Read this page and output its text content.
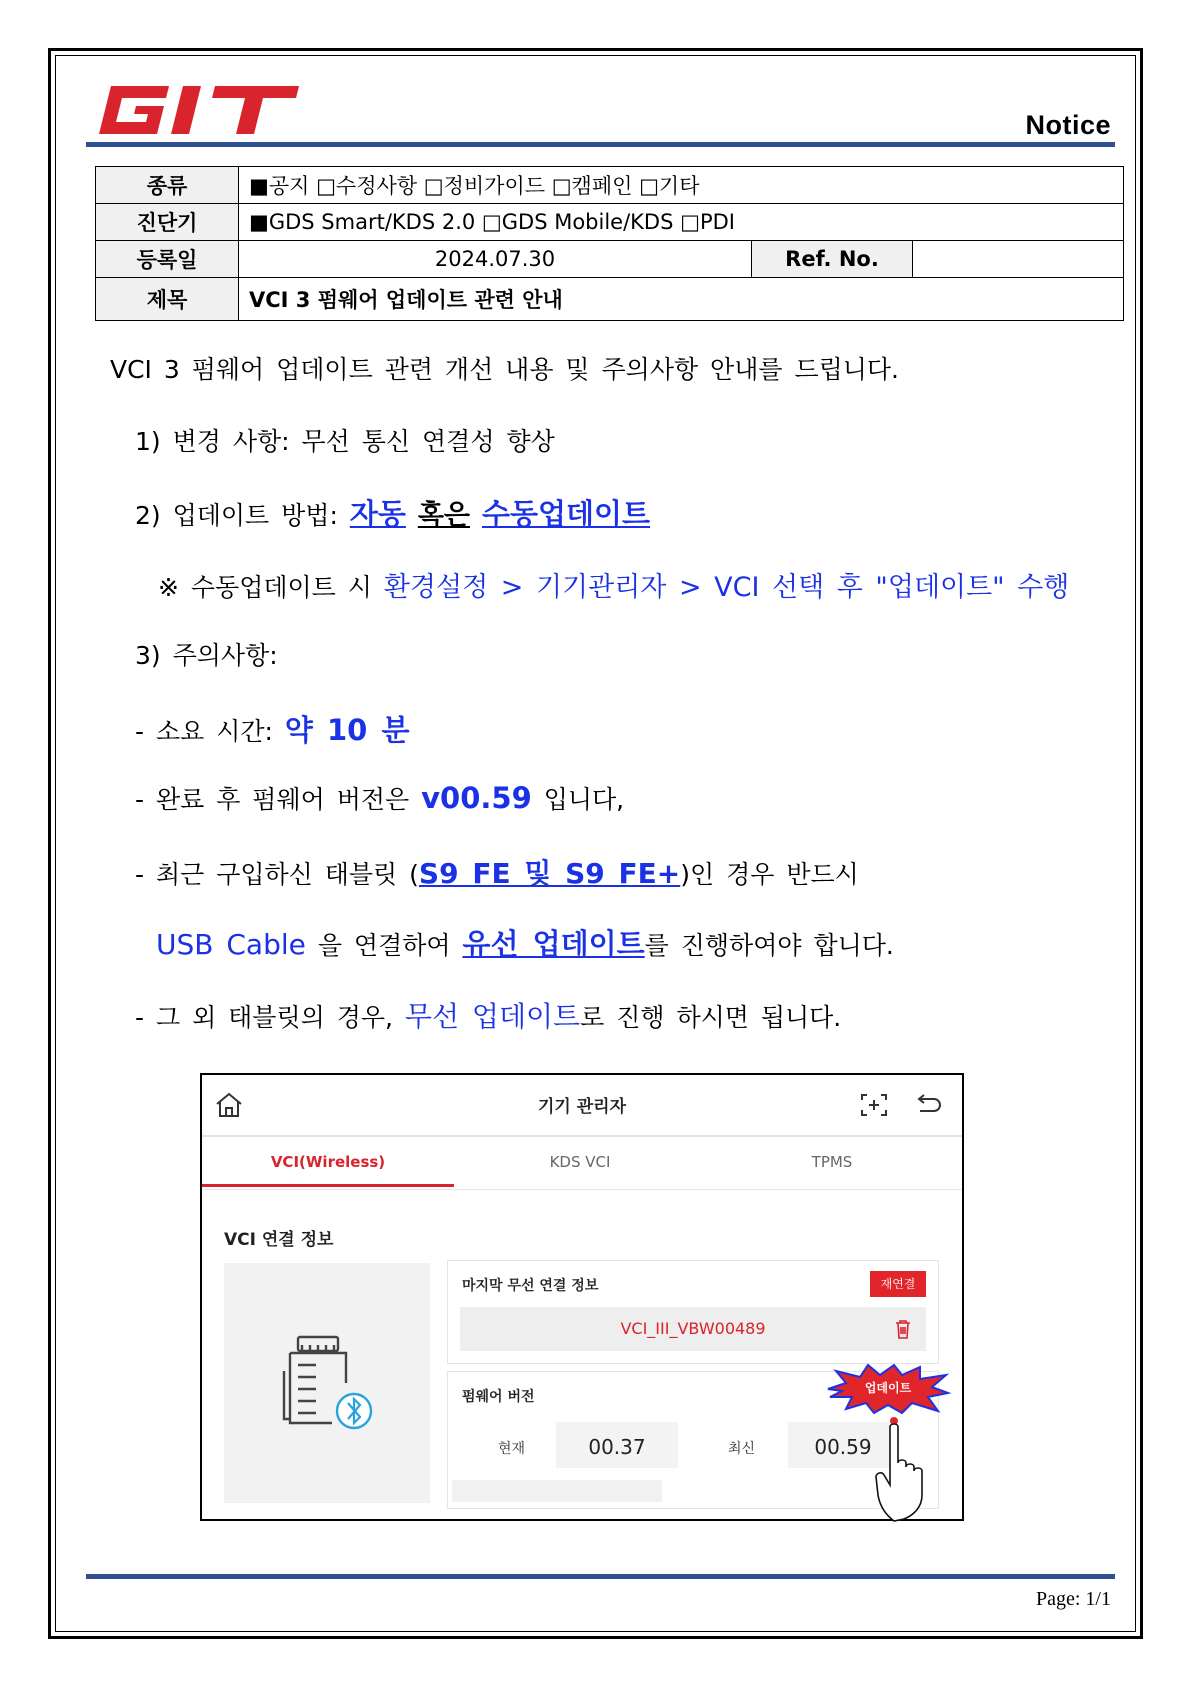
Notice
종류	■공지 □수정사항 □정비가이드 □캠페인 □기타		
진단기	■GDS Smart/KDS 2.0 □GDS Mobile/KDS □PDI		
등록일	2024.07.30	Ref. No.	
제목	VCI 3 펌웨어 업데이트 관련 안내		
VCI 3 펌웨어 업데이트 관련 개선 내용 및 주의사항 안내를 드립니다.
1) 변경 사항: 무선 통신 연결성 향상
2) 업데이트 방법: 자동 혹은 수동업데이트
※ 수동업데이트 시 환경설정 > 기기관리자 > VCI 선택 후 "업데이트" 수행
3) 주의사항:
- 소요 시간: 약 10 분
- 완료 후 펌웨어 버전은 v00.59 입니다,
- 최근 구입하신 태블릿 (S9 FE 및 S9 FE+)인 경우 반드시
USB Cable 을 연결하여 유선 업데이트를 진행하여야 합니다.
- 그 외 태블릿의 경우, 무선 업데이트로 진행 하시면 됩니다.
기기 관리자
VCI(Wireless)	KDS VCI	TPMS
VCI 연결 정보
마지막 무선 연결 정보	재연결
VCI_III_VBW00489
펌웨어 버전
현재	00.37	최신	00.59
업데이트
Page: 1/1
